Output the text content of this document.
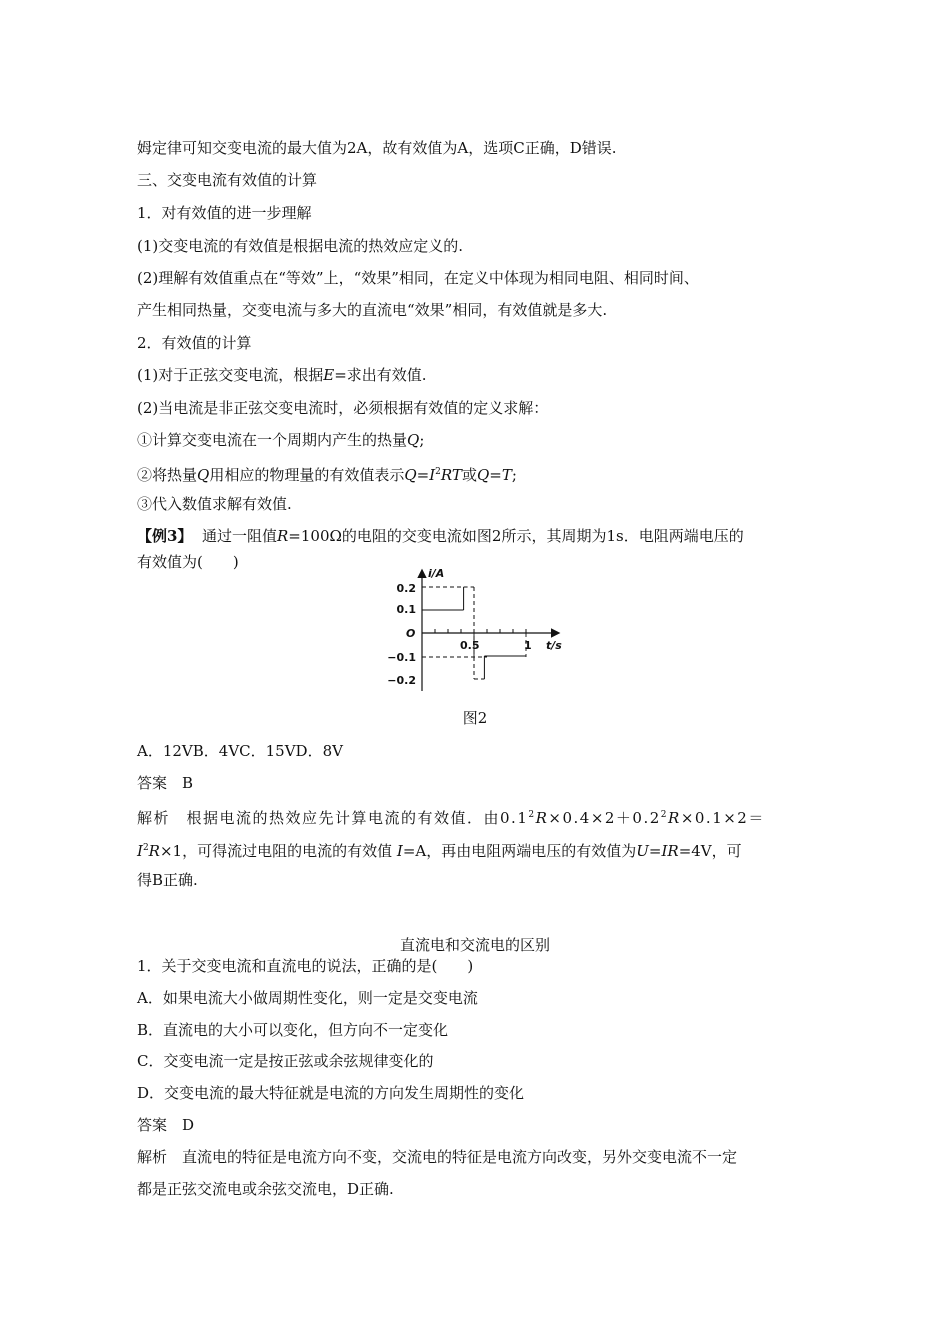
姆定律可知交变电流的最大值为2A，故有效值为A，选项C正确，D错误.
三、交变电流有效值的计算
1．对有效值的进一步理解
(1)交变电流的有效值是根据电流的热效应定义的.
(2)理解有效值重点在“等效”上，“效果”相同，在定义中体现为相同电阻、相同时间、
产生相同热量，交变电流与多大的直流电“效果”相同，有效值就是多大.
2．有效值的计算
(1)对于正弦交变电流，根据E=求出有效值.
(2)当电流是非正弦交变电流时，必须根据有效值的定义求解：
①计算交变电流在一个周期内产生的热量Q;
②将热量Q用相应的物理量的有效值表示$Q=I^2RT$或Q=T;
③代入数值求解有效值.
【例3】 通过一阻值R=100Ω的电阻的交变电流如图2所示，其周期为1s．电阻两端电压的
有效值为(　　)
i/A
t/s
O
0.2
0.1
−0.1
−0.2
0.5	1
图2
A．12VB．4VC．15VD．8V
答案　B
解析　根据电流的热效应先计算电流的有效值．由$0.1^2R\times 0.4\times 2+0.2^2R\times 0.1\times 2=$
$I^2R\times 1$，可得流过电阻的电流的有效值 I=A，再由电阻两端电压的有效值为U=IR=4V，可
得B正确.
直流电和交流电的区别
1．关于交变电流和直流电的说法，正确的是(　　)
A．如果电流大小做周期性变化，则一定是交变电流
B．直流电的大小可以变化，但方向不一定变化
C．交变电流一定是按正弦或余弦规律变化的
D．交变电流的最大特征就是电流的方向发生周期性的变化
答案　D
解析　直流电的特征是电流方向不变，交流电的特征是电流方向改变，另外交变电流不一定
都是正弦交流电或余弦交流电，D正确.
